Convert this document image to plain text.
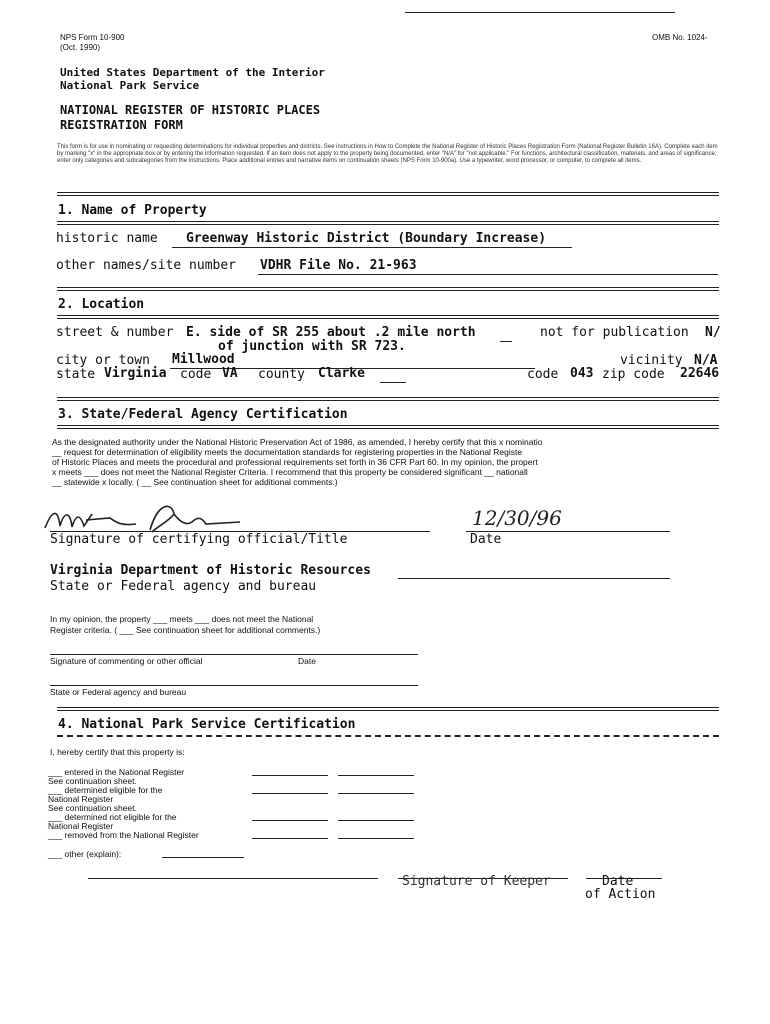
NPS Form 10-900
(Oct. 1990)
OMB No. 1024-
United States Department of the Interior
National Park Service
NATIONAL REGISTER OF HISTORIC PLACES
REGISTRATION FORM
This form is for use in nominating or requesting determinations for individual properties and districts. See instructions in How to Complete the National Register of Historic Places Registration Form (National Register Bulletin 16A). Complete each item by marking "x" in the appropriate box or by entering the information requested. If an item does not apply to the property being documented, enter "N/A" for "not applicable." For functions, architectural classification, materials, and areas of significance, enter only categories and subcategories from the instructions. Place additional entries and narrative items on continuation sheets (NPS Form 10-900a). Use a typewriter, word processor, or computer, to complete all items.
1. Name of Property
historic name Greenway Historic District (Boundary Increase)
other names/site number VDHR File No. 21-963
2. Location
street & number E. side of SR 255 about .2 mile north
of junction with SR 723.
not for publication N/
city or town Millwood	vicinity N/A
state Virginia code VA county Clarke	code 043 zip code 22646
3. State/Federal Agency Certification
As the designated authority under the National Historic Preservation Act of 1986, as amended, I hereby certify that this x nominatio
__ request for determination of eligibility meets the documentation standards for registering properties in the National Registe
of Historic Places and meets the procedural and professional requirements set forth in 36 CFR Part 60. In my opinion, the propert
x meets ___ does not meet the National Register Criteria. I recommend that this property be considered significant __ nationall
__ statewide x locally. ( __ See continuation sheet for additional comments.)
12/30/96
Signature of certifying official/Title	Date
Virginia Department of Historic Resources
State or Federal agency and bureau
In my opinion, the property ___ meets ___ does not meet the National
Register criteria. ( ___ See continuation sheet for additional comments.)
Signature of commenting or other official	Date
State or Federal agency and bureau
4. National Park Service Certification
I, hereby certify that this property is:
___ entered in the National Register
See continuation sheet.
___ determined eligible for the
National Register
See continuation sheet.
___ determined not eligible for the
National Register
___ removed from the National Register
___ other (explain):
Signature of Keeper	Date
of Action
